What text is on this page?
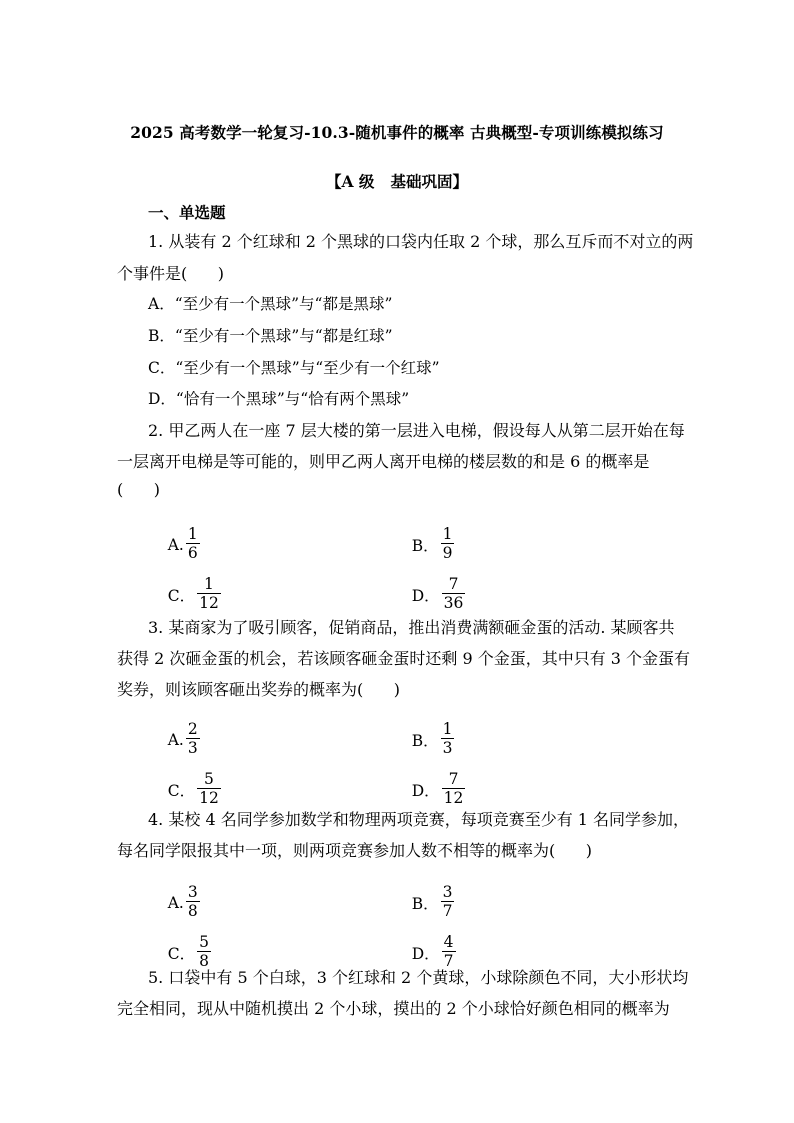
2025 高考数学一轮复习-10.3-随机事件的概率 古典概型-专项训练模拟练习
【A 级   基础巩固】
一、单选题
1. 从装有 2 个红球和 2 个黑球的口袋内任取 2 个球，那么互斥而不对立的两
个事件是(      )
A．“至少有一个黑球”与“都是黑球”
B．“至少有一个黑球”与“都是红球”
C．“至少有一个黑球”与“至少有一个红球”
D．“恰有一个黑球”与“恰有两个黑球”
2. 甲乙两人在一座 7 层大楼的第一层进入电梯，假设每人从第二层开始在每
一层离开电梯是等可能的，则甲乙两人离开电梯的楼层数的和是 6 的概率是
(      )

A. $\frac{1}{6}$

	B． $\frac{1}{9}$

C． $\frac{1}{12}$

	D． $\frac{7}{36}$

3. 某商家为了吸引顾客，促销商品，推出消费满额砸金蛋的活动. 某顾客共
获得 2 次砸金蛋的机会，若该顾客砸金蛋时还剩 9 个金蛋，其中只有 3 个金蛋有
奖券，则该顾客砸出奖券的概率为(      )

A. $\frac{2}{3}$

	B． $\frac{1}{3}$

C． $\frac{5}{12}$

	D． $\frac{7}{12}$

4. 某校 4 名同学参加数学和物理两项竞赛，每项竞赛至少有 1 名同学参加，
每名同学限报其中一项，则两项竞赛参加人数不相等的概率为(      )

A. $\frac{3}{8}$

	B． $\frac{3}{7}$

C． $\frac{5}{8}$

	D． $\frac{4}{7}$

5. 口袋中有 5 个白球，3 个红球和 2 个黄球，小球除颜色不同，大小形状均
完全相同，现从中随机摸出 2 个小球，摸出的 2 个小球恰好颜色相同的概率为
